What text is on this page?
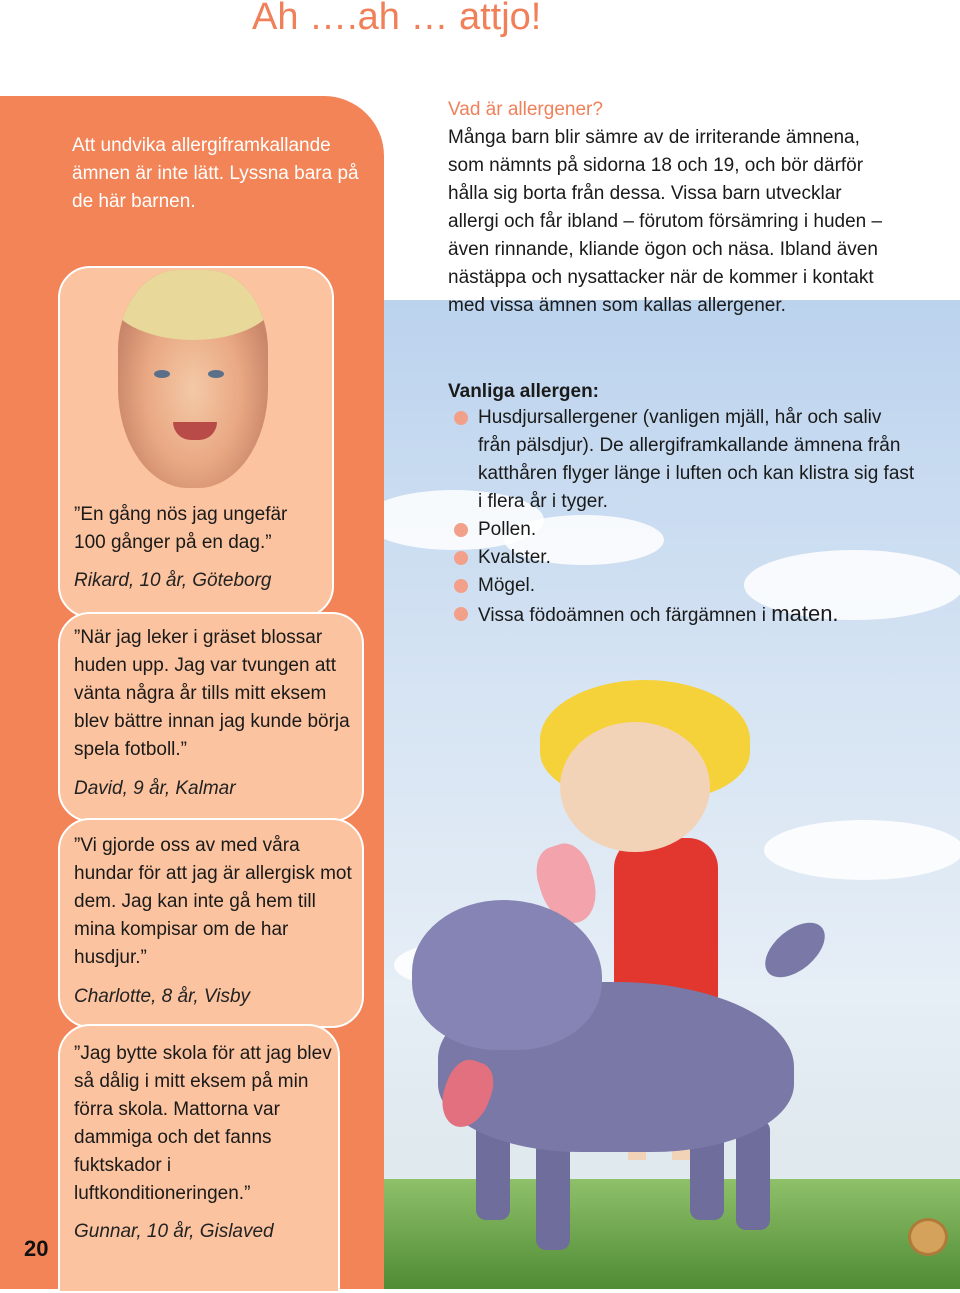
Ah ….ah … attjo!
Att undvika allergiframkallande ämnen är inte lätt. Lyssna bara på de här barnen.
”En gång nös jag ungefär 100 gånger på en dag.”
Rikard, 10 år, Göteborg
”När jag leker i gräset blossar huden upp. Jag var tvungen att vänta några år tills mitt eksem blev bättre innan jag kunde börja spela fotboll.”
David, 9 år, Kalmar
”Vi gjorde oss av med våra hundar för att jag är allergisk mot dem. Jag kan inte gå hem till mina kompisar om de har husdjur.”
Charlotte, 8 år, Visby
”Jag bytte skola för att jag blev så dålig i mitt eksem på min förra skola. Mattorna var dammiga och det fanns fuktskador i luftkonditioneringen.”
Gunnar, 10 år, Gislaved
20
Vad är allergener?
Många barn blir sämre av de irriterande ämnena, som nämnts på sidorna 18 och 19, och bör därför hålla sig borta från dessa. Vissa barn utvecklar allergi och får ibland – förutom försämring i huden – även rinnande, kliande ögon och näsa. Ibland även nästäppa och nysattacker när de kommer i kontakt med vissa ämnen som kallas allergener.
Vanliga allergen:
Husdjursallergener (vanligen mjäll, hår och saliv från pälsdjur). De allergiframkallande ämnena från katthåren flyger länge i luften och kan klistra sig fast i flera år i tyger.
Pollen.
Kvalster.
Mögel.
Vissa födoämnen och färgämnen i maten.
